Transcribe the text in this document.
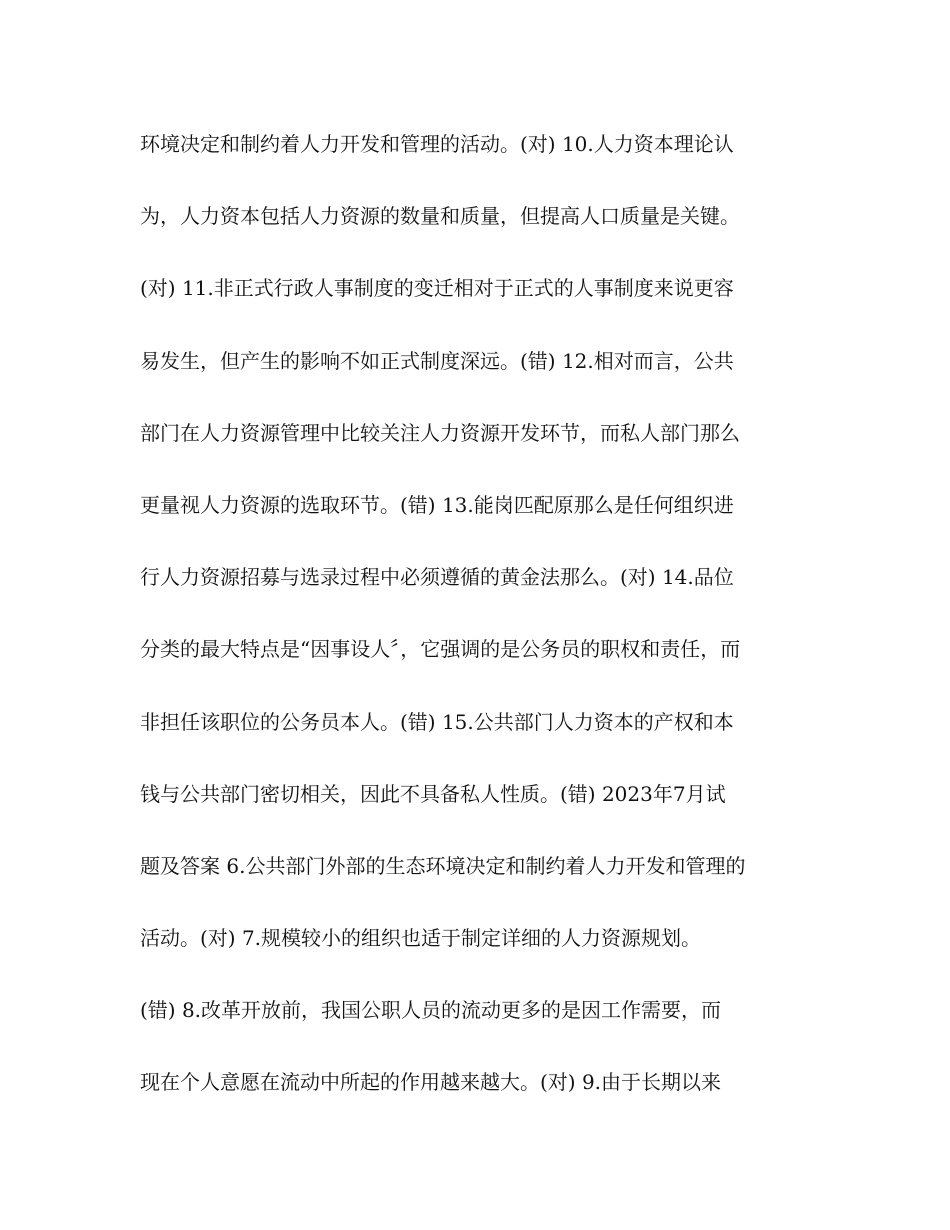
环境决定和制约着人力开发和管理的活动。(对) 10.人力资本理论认
为，人力资本包括人力资源的数量和质量，但提高人口质量是关键。
(对) 11.非正式行政人事制度的变迁相对于正式的人事制度来说更容
易发生，但产生的影响不如正式制度深远。(错) 12.相对而言，公共
部门在人力资源管理中比较关注人力资源开发环节，而私人部门那么
更量视人力资源的选取环节。(错) 13.能岗匹配原那么是任何组织进
行人力资源招募与选录过程中必须遵循的黄金法那么。(对) 14.品位
分类的最大特点是“因事设人〞，它强调的是公务员的职权和责任，而
非担任该职位的公务员本人。(错) 15.公共部门人力资本的产权和本
钱与公共部门密切相关，因此不具备私人性质。(错) 2023年7月试
题及答案 6.公共部门外部的生态环境决定和制约着人力开发和管理的
活动。(对) 7.规模较小的组织也适于制定详细的人力资源规划。
(错) 8.改革开放前，我国公职人员的流动更多的是因工作需要，而
现在个人意愿在流动中所起的作用越来越大。(对) 9.由于长期以来
